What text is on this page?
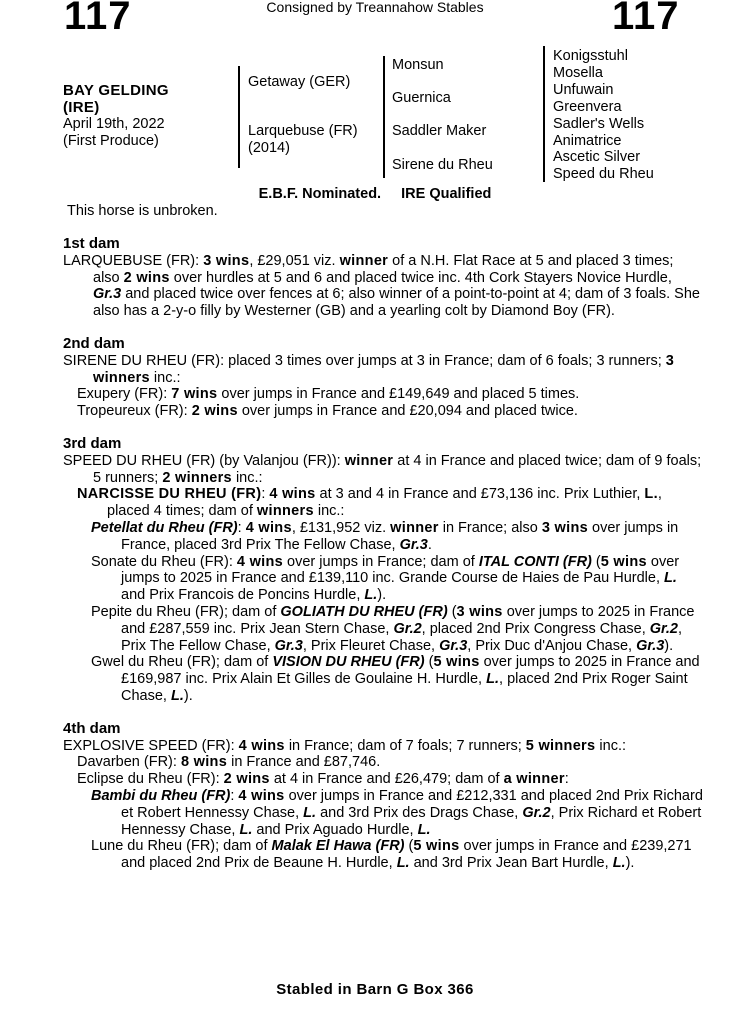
117	Consigned by Treannahow Stables	117
BAY GELDING
(IRE)
April 19th, 2022
(First Produce)
Getaway (GER)
Larquebuse (FR)
(2014)
Monsun
Guernica
Saddler Maker
Sirene du Rheu
Konigsstuhl
Mosella
Unfuwain
Greenvera
Sadler's Wells
Animatrice
Ascetic Silver
Speed du Rheu
E.B.F. Nominated. IRE Qualified
This horse is unbroken.
1st dam
LARQUEBUSE (FR): 3 wins, £29,051 viz. winner of a N.H. Flat Race at 5 and placed 3 times; also 2 wins over hurdles at 5 and 6 and placed twice inc. 4th Cork Stayers Novice Hurdle, Gr.3 and placed twice over fences at 6; also winner of a point-to-point at 4; dam of 3 foals. She also has a 2-y-o filly by Westerner (GB) and a yearling colt by Diamond Boy (FR).
2nd dam
SIRENE DU RHEU (FR): placed 3 times over jumps at 3 in France; dam of 6 foals; 3 runners; 3 winners inc.:
Exupery (FR): 7 wins over jumps in France and £149,649 and placed 5 times.
Tropeureux (FR): 2 wins over jumps in France and £20,094 and placed twice.
3rd dam
SPEED DU RHEU (FR) (by Valanjou (FR)): winner at 4 in France and placed twice; dam of 9 foals; 5 runners; 2 winners inc.:
NARCISSE DU RHEU (FR): 4 wins at 3 and 4 in France and £73,136 inc. Prix Luthier, L., placed 4 times; dam of winners inc.:
Petellat du Rheu (FR): 4 wins, £131,952 viz. winner in France; also 3 wins over jumps in France, placed 3rd Prix The Fellow Chase, Gr.3.
Sonate du Rheu (FR): 4 wins over jumps in France; dam of ITAL CONTI (FR) (5 wins over jumps to 2025 in France and £139,110 inc. Grande Course de Haies de Pau Hurdle, L. and Prix Francois de Poncins Hurdle, L.).
Pepite du Rheu (FR); dam of GOLIATH DU RHEU (FR) (3 wins over jumps to 2025 in France and £287,559 inc. Prix Jean Stern Chase, Gr.2, placed 2nd Prix Congress Chase, Gr.2, Prix The Fellow Chase, Gr.3, Prix Fleuret Chase, Gr.3, Prix Duc d'Anjou Chase, Gr.3).
Gwel du Rheu (FR); dam of VISION DU RHEU (FR) (5 wins over jumps to 2025 in France and £169,987 inc. Prix Alain Et Gilles de Goulaine H. Hurdle, L., placed 2nd Prix Roger Saint Chase, L.).
4th dam
EXPLOSIVE SPEED (FR): 4 wins in France; dam of 7 foals; 7 runners; 5 winners inc.:
Davarben (FR): 8 wins in France and £87,746.
Eclipse du Rheu (FR): 2 wins at 4 in France and £26,479; dam of a winner:
Bambi du Rheu (FR): 4 wins over jumps in France and £212,331 and placed 2nd Prix Richard et Robert Hennessy Chase, L. and 3rd Prix des Drags Chase, Gr.2, Prix Richard et Robert Hennessy Chase, L. and Prix Aguado Hurdle, L.
Lune du Rheu (FR); dam of Malak El Hawa (FR) (5 wins over jumps in France and £239,271 and placed 2nd Prix de Beaune H. Hurdle, L. and 3rd Prix Jean Bart Hurdle, L.).
Stabled in Barn G Box 366
